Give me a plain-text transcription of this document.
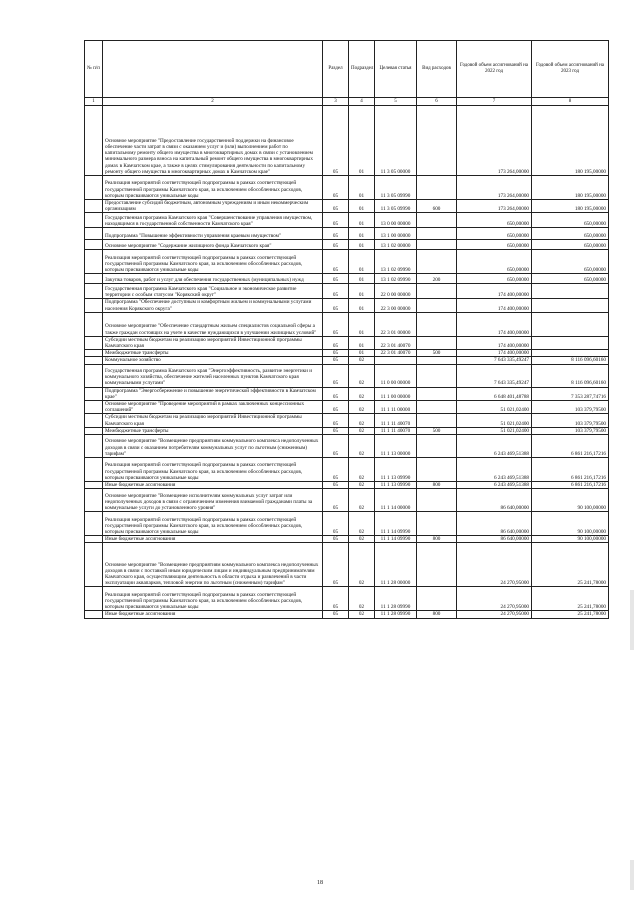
№ п/п		Раздел	Подраздел	Целевая статья	Вид расходов	Годовой объем ассигнований на 2022 год	Годовой объем ассигнований на 2023 год
1	2	3	4	5	6	7	8
	Основное мероприятие "Предоставление государственной поддержки на финансовое обеспечение части затрат в связи с оказанием услуг и (или) выполнением работ по капитальному ремонту общего имущества в многоквартирных домах в связи с установлением минимального размера взноса на капитальный ремонт общего имущества в многоквартирных домах в Камчатском крае, а также в целях стимулирования деятельности по капитальному ремонту общего имущества в многоквартирных домах в Камчатском крае"	05	01	11 3 05 00000		173 264,00000	180 195,00000
	Реализация мероприятий соответствующей подпрограммы в рамках соответствующей государственной программы Камчатского края, за исключением обособленных расходов, которым присваиваются уникальные коды	05	01	11 3 05 09990		173 264,00000	180 195,00000
	Предоставление субсидий бюджетным, автономным учреждениям и иным некоммерческим организациям	05	01	11 3 05 09990	600	173 264,00000	180 195,00000
	Государственная программа Камчатского края "Совершенствование управления имуществом, находящимся в государственной собственности Камчатского края"	05	01	13 0 00 00000		650,00000	650,00000
	Подпрограмма "Повышение эффективности управления краевым имуществом"	05	01	13 1 00 00000		650,00000	650,00000
	Основное мероприятие "Содержание жилищного фонда Камчатского края"	05	01	13 1 02 00000		650,00000	650,00000
	Реализация мероприятий соответствующей подпрограммы в рамках соответствующей государственной программы Камчатского края, за исключением обособленных расходов, которым присваиваются уникальные коды	05	01	13 1 02 09990		650,00000	650,00000
	Закупка товаров, работ и услуг для обеспечения государственных (муниципальных) нужд	05	01	13 1 02 09990	200	650,00000	650,00000
	Государственная программа Камчатского края "Социальное и экономическое развитие территории с особым статусом "Корякский округ"	05	01	22 0 00 00000		174 400,00000	
	Подпрограмма "Обеспечение доступным и комфортным жильем и коммунальными услугами населения Корякского округа"	05	01	22 3 00 00000		174 400,00000	
	Основное мероприятие "Обеспечение стандартным жильем специалистов социальной сферы а также граждан состоящих на учете в качестве нуждающихся в улучшении жилищных условий"	05	01	22 3 01 00000		174 400,00000	
	Субсидии местным бюджетам на реализацию мероприятий Инвестиционной программы Камчатского края	05	01	22 3 01 40070		174 400,00000	
	Межбюджетные трансферты	05	01	22 3 01 40070	500	174 400,00000	
	Коммунальное хозяйство	05	02			7 643 335,49247	8 116 096,60160
	Государственная программа Камчатского края "Энергоэффективность, развитие энергетики и коммунального хозяйства, обеспечение жителей населенных пунктов Камчатского края коммунальными услугами"	05	02	11 0 00 00000		7 643 335,49247	8 116 096,60160
	Подпрограмма "Энергосбережение и повышение энергетической эффективности в Камчатском крае"	05	02	11 1 00 00000		6 648 401,48788	7 353 287,74716
	Основное мероприятие "Проведение мероприятий в рамках заключенных концессионных соглашений"	05	02	11 1 11 00000		51 021,02400	103 379,79500
	Субсидии местным бюджетам на реализацию мероприятий Инвестиционной программы Камчатского края	05	02	11 1 11 40070		51 021,02400	103 379,79500
	Межбюджетные трансферты	05	02	11 1 11 40070	500	51 021,02400	103 379,79500
	Основное мероприятие "Возмещение предприятиям коммунального комплекса недополученных доходов в связи с оказанием потребителям коммунальных услуг по льготным (сниженным) тарифам"	05	02	11 1 13 00000		6 243 469,51388	6 861 216,17216
	Реализация мероприятий соответствующей подпрограммы в рамках соответствующей государственной программы Камчатского края, за исключением обособленных расходов, которым присваиваются уникальные коды	05	02	11 1 13 09990		6 243 469,51388	6 861 216,17216
	Иные бюджетные ассигнования	05	02	11 1 13 09990	800	6 243 469,51388	6 861 216,17216
	Основное мероприятие "Возмещение исполнителям коммунальных услуг затрат или недополученных доходов в связи с ограничением изменения взимаемой гражданами платы за коммунальные услуги до установленного уровня"	05	02	11 1 14 00000		86 640,00000	90 100,00000
	Реализация мероприятий соответствующей подпрограммы в рамках соответствующей государственной программы Камчатского края, за исключением обособленных расходов, которым присваиваются уникальные коды	05	02	11 1 14 09990		86 640,00000	90 100,00000
	Иные бюджетные ассигнования	05	02	11 1 14 09990	800	86 640,00000	90 100,00000
	Основное мероприятие "Возмещение предприятиям коммунального комплекса недополученных доходов в связи с поставкой иным юридическим лицам и индивидуальным предпринимателям Камчатского края, осуществляющим деятельность в области отдыха и развлечений в части эксплуатации аквапарков, тепловой энергии по льготным (сниженным) тарифам"	05	02	11 1 28 00000		24 270,95000	25 241,78000
	Реализация мероприятий соответствующей подпрограммы в рамках соответствующей государственной программы Камчатского края, за исключением обособленных расходов, которым присваиваются уникальные коды	05	02	11 1 28 09990		24 270,95000	25 241,78000
	Иные бюджетные ассигнования	05	02	11 1 28 09990	800	24 270,95000	25 241,78000
18
